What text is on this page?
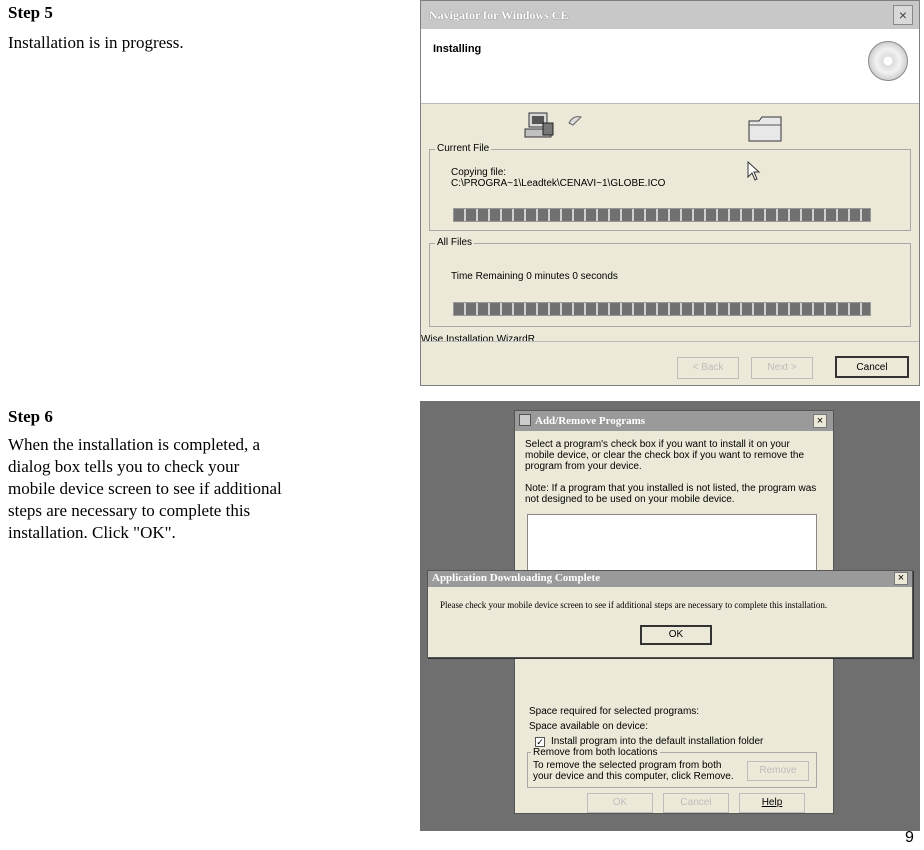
Step 5
Installation is in progress.
Step 6
When the installation is completed, a
dialog box tells you to check your
mobile device screen to see if additional
steps are necessary to complete this
installation. Click "OK".
Navigator for Windows CE	×
Installing
Current File
Copying file:
C:\PROGRA~1\Leadtek\CENAVI~1\GLOBE.ICO
All Files
Time Remaining 0 minutes 0 seconds
Wise Installation WizardR
< Back	Next >	Cancel
Add/Remove Programs	×
Select a program's check box if you want to install it on your
mobile device, or clear the check box if you want to remove the
program from your device.
Note: If a program that you installed is not listed, the program was
not designed to be used on your mobile device.
Space required for selected programs:
Space available on device:
✓ Install program into the default installation folder
Remove from both locations
To remove the selected program from both
your device and this computer, click Remove.
Remove
OK	Cancel	Help
Application Downloading Complete	×
Please check your mobile device screen to see if additional steps are necessary to complete this installation.
OK
9
